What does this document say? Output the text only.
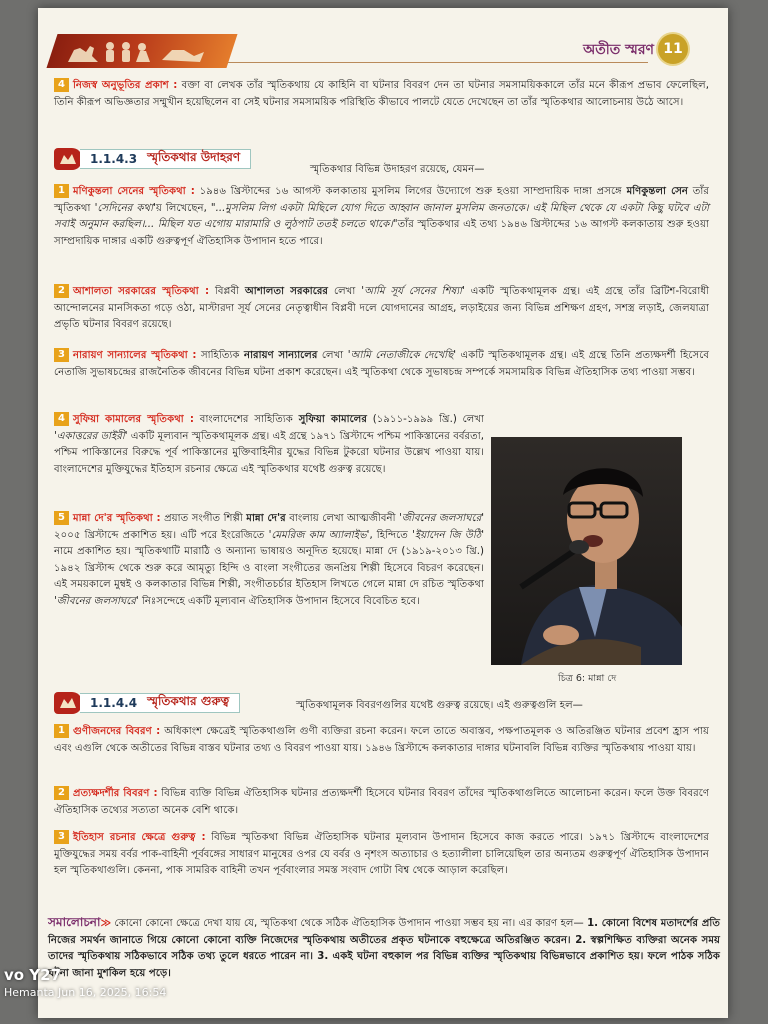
অতীত স্মরণ 11
4 নিজস্ব অনুভূতির প্রকাশ : বক্তা বা লেখক তাঁর স্মৃতিকথায় যে কাহিনি বা ঘটনার বিবরণ দেন তা ঘটনার সমসাময়িককালে তাঁর মনে কীরূপ প্রভাব ফেলেছিল, তিনি কীরূপ অভিজ্ঞতার সম্মুখীন হয়েছিলেন বা সেই ঘটনার সমসাময়িক পরিস্থিতি কীভাবে পালটে যেতে দেখেছেন তা তাঁর স্মৃতিকথার আলোচনায় উঠে আসে।
1.1.4.3 স্মৃতিকথার উদাহরণ
স্মৃতিকথার বিভিন্ন উদাহরণ রয়েছে, যেমন—
1 মণিকুন্তলা সেনের স্মৃতিকথা : ১৯৪৬ খ্রিস্টাব্দের ১৬ আগস্ট কলকাতায় মুসলিম লিগের উদ্যোগে শুরু হওয়া সাম্প্রদায়িক দাঙ্গা প্রসঙ্গে মণিকুন্তলা সেন তাঁর স্মৃতিকথা 'সেদিনের কথা'য় লিখেছেন, "...মুসলিম লিগ একটা মিছিলে যোগ দিতে আহ্বান জানাল মুসলিম জনতাকে। এই মিছিল থেকে যে একটা কিছু ঘটবে এটা সবাই অনুমান করছিল।... মিছিল যত এগোয় মারামারি ও লুঠপাট ততই চলতে থাকে।"তাঁর স্মৃতিকথার এই তথ্য ১৯৪৬ খ্রিস্টাব্দের ১৬ আগস্ট কলকাতায় শুরু হওয়া সাম্প্রদায়িক দাঙ্গার একটি গুরুত্বপূর্ণ ঐতিহাসিক উপাদান হতে পারে।
2 আশালতা সরকারের স্মৃতিকথা : বিপ্লবী আশালতা সরকারের লেখা 'আমি সূর্য সেনের শিষ্যা' একটি স্মৃতিকথামূলক গ্রন্থ। এই গ্রন্থে তাঁর ব্রিটিশ-বিরোধী আন্দোলনের মানসিকতা গড়ে ওঠা, মাস্টারদা সূর্য সেনের নেতৃত্বাধীন বিপ্লবী দলে যোগদানের আগ্রহ, লড়াইয়ের জন্য বিভিন্ন প্রশিক্ষণ গ্রহণ, সশস্ত্র লড়াই, জেলযাত্রা প্রভৃতি ঘটনার বিবরণ রয়েছে।
3 নারায়ণ সান্যালের স্মৃতিকথা : সাহিত্যিক নারায়ণ সান্যালের লেখা 'আমি নেতাজীকে দেখেছি' একটি স্মৃতিকথামূলক গ্রন্থ। এই গ্রন্থে তিনি প্রত্যক্ষদর্শী হিসেবে নেতাজি সুভাষচন্দ্রের রাজনৈতিক জীবনের বিভিন্ন ঘটনা প্রকাশ করেছেন। এই স্মৃতিকথা থেকে সুভাষচন্দ্র সম্পর্কে সমসাময়িক বিভিন্ন ঐতিহাসিক তথ্য পাওয়া সম্ভব।
4 সুফিয়া কামালের স্মৃতিকথা : বাংলাদেশের সাহিত্যিক সুফিয়া কামালের (১৯১১-১৯৯৯ খ্রি.) লেখা 'একাত্তরের ডাইরী' একটি মূল্যবান স্মৃতিকথামূলক গ্রন্থ। এই গ্রন্থে ১৯৭১ খ্রিস্টাব্দে পশ্চিম পাকিস্তানের বর্বরতা, পশ্চিম পাকিস্তানের বিরুদ্ধে পূর্ব পাকিস্তানের মুক্তিবাহিনীর যুদ্ধের বিভিন্ন টুকরো ঘটনার উল্লেখ পাওয়া যায়। বাংলাদেশের মুক্তিযুদ্ধের ইতিহাস রচনার ক্ষেত্রে এই স্মৃতিকথার যথেষ্ট গুরুত্ব রয়েছে।
5 মান্না দে'র স্মৃতিকথা : প্রয়াত সংগীত শিল্পী মান্না দে'র বাংলায় লেখা আত্মজীবনী 'জীবনের জলসাঘরে' ২০০৫ খ্রিস্টাব্দে প্রকাশিত হয়। এটি পরে ইংরেজিতে 'মেমরিজ কাম অ্যালাইভ', হিন্দিতে 'ইয়াদেন জি উঠি' নামে প্রকাশিত হয়। স্মৃতিকথাটি মারাঠি ও অন্যান্য ভাষায়ও অনূদিত হয়েছে। মান্না দে (১৯১৯-২০১৩ খ্রি.) ১৯৪২ খ্রিস্টাব্দ থেকে শুরু করে আমৃত্যু হিন্দি ও বাংলা সংগীতের জনপ্রিয় শিল্পী হিসেবে বিচরণ করেছেন। এই সময়কালে মুম্বই ও কলকাতার বিভিন্ন শিল্পী, সংগীতচর্চার ইতিহাস লিখতে গেলে মান্না দে রচিত স্মৃতিকথা 'জীবনের জলসাঘরে' নিঃসন্দেহে একটি মূল্যবান ঐতিহাসিক উপাদান হিসেবে বিবেচিত হবে।
চিত্র 6: মান্না দে
1.1.4.4 স্মৃতিকথার গুরুত্ব	স্মৃতিকথামূলক বিবরণগুলির যথেষ্ট গুরুত্ব রয়েছে। এই গুরুত্বগুলি হল—
1 গুণীজনদের বিবরণ : অধিকাংশ ক্ষেত্রেই স্মৃতিকথাগুলি গুণী ব্যক্তিরা রচনা করেন। ফলে তাতে অবাস্তব, পক্ষপাতমূলক ও অতিরঞ্জিত ঘটনার প্রবেশ হ্রাস পায় এবং এগুলি থেকে অতীতের বিভিন্ন বাস্তব ঘটনার তথ্য ও বিবরণ পাওয়া যায়। ১৯৪৬ খ্রিস্টাব্দে কলকাতার দাঙ্গার ঘটনাবলি বিভিন্ন ব্যক্তির স্মৃতিকথায় পাওয়া যায়।
2 প্রত্যক্ষদর্শীর বিবরণ : বিভিন্ন ব্যক্তি বিভিন্ন ঐতিহাসিক ঘটনার প্রত্যক্ষদর্শী হিসেবে ঘটনার বিবরণ তাঁদের স্মৃতিকথাগুলিতে আলোচনা করেন। ফলে উক্ত বিবরণে ঐতিহাসিক তথ্যের সত্যতা অনেক বেশি থাকে।
3 ইতিহাস রচনার ক্ষেত্রে গুরুত্ব : বিভিন্ন স্মৃতিকথা বিভিন্ন ঐতিহাসিক ঘটনার মূল্যবান উপাদান হিসেবে কাজ করতে পারে। ১৯৭১ খ্রিস্টাব্দে বাংলাদেশের মুক্তিযুদ্ধের সময় বর্বর পাক-বাহিনী পূর্ববঙ্গের সাধারণ মানুষের ওপর যে বর্বর ও নৃশংস অত্যাচার ও হত্যালীলা চালিয়েছিল তার অন্যতম গুরুত্বপূর্ণ ঐতিহাসিক উপাদান হল স্মৃতিকথাগুলি। কেননা, পাক সামরিক বাহিনী তখন পূর্ববাংলার সমস্ত সংবাদ গোটা বিশ্ব থেকে আড়াল করেছিল।
সমালোচনা≫ কোনো কোনো ক্ষেত্রে দেখা যায় যে, স্মৃতিকথা থেকে সঠিক ঐতিহাসিক উপাদান পাওয়া সম্ভব হয় না। এর কারণ হল— 1. কোনো বিশেষ মতাদর্শের প্রতি নিজের সমর্থন জানাতে গিয়ে কোনো কোনো ব্যক্তি নিজেদের স্মৃতিকথায় অতীতের প্রকৃত ঘটনাকে বহুক্ষেত্রে অতিরঞ্জিত করেন। 2. স্বল্পশিক্ষিত ব্যক্তিরা অনেক সময় তাদের স্মৃতিকথায় সঠিকভাবে সঠিক তথ্য তুলে ধরতে পারেন না। 3. একই ঘটনা বহুকাল পর বিভিন্ন ব্যক্তির স্মৃতিকথায় বিভিন্নভাবে প্রকাশিত হয়। ফলে পাঠক সঠিক ঘটনা জানা মুশকিল হয়ে পড়ে।
vo Y27
Hemanta Jun 16, 2025, 16:54
